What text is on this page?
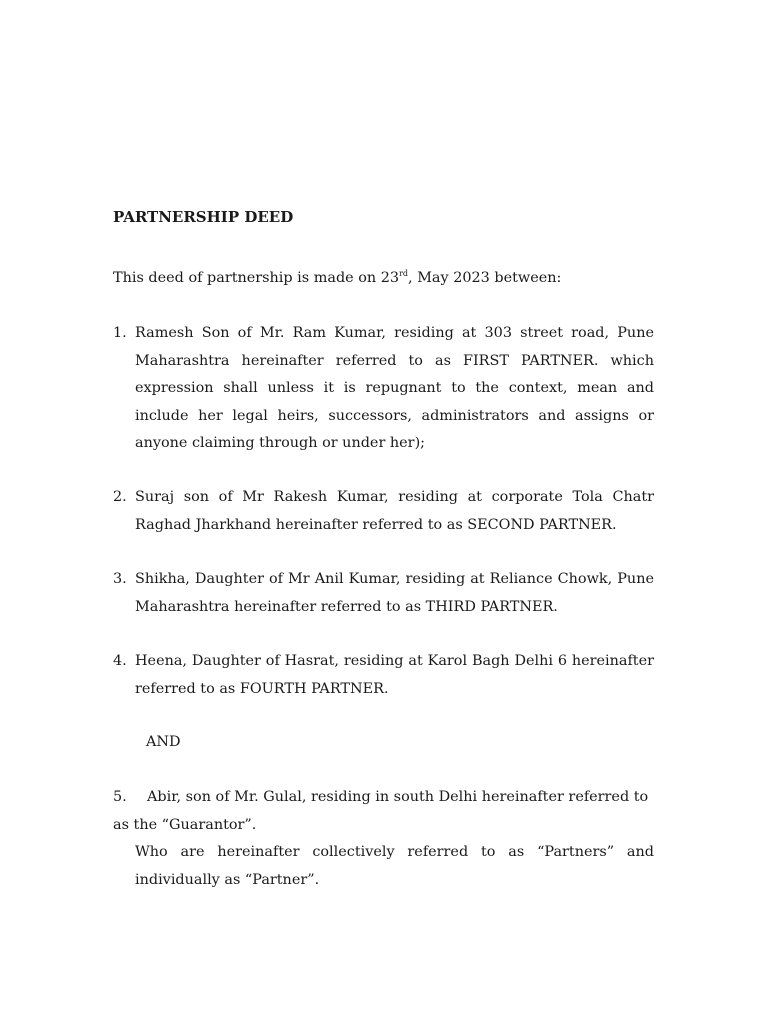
PARTNERSHIP DEED

This deed of partnership is made on 23rd, May 2023 between:

1. Ramesh Son of Mr. Ram Kumar, residing at 303 street road, Pune Maharashtra hereinafter referred to as FIRST PARTNER. which expression shall unless it is repugnant to the context, mean and include her legal heirs, successors, administrators and assigns or anyone claiming through or under her);

2. Suraj son of Mr Rakesh Kumar, residing at corporate Tola Chatr Raghad Jharkhand hereinafter referred to as SECOND PARTNER.

3. Shikha, Daughter of Mr Anil Kumar, residing at Reliance Chowk, Pune Maharashtra hereinafter referred to as THIRD PARTNER.

4. Heena, Daughter of Hasrat, residing at Karol Bagh Delhi 6 hereinafter referred to as FOURTH PARTNER.

AND

5. Abir, son of Mr. Gulal, residing in south Delhi hereinafter referred to as the “Guarantor”.

Who are hereinafter collectively referred to as “Partners” and individually as “Partner”.
